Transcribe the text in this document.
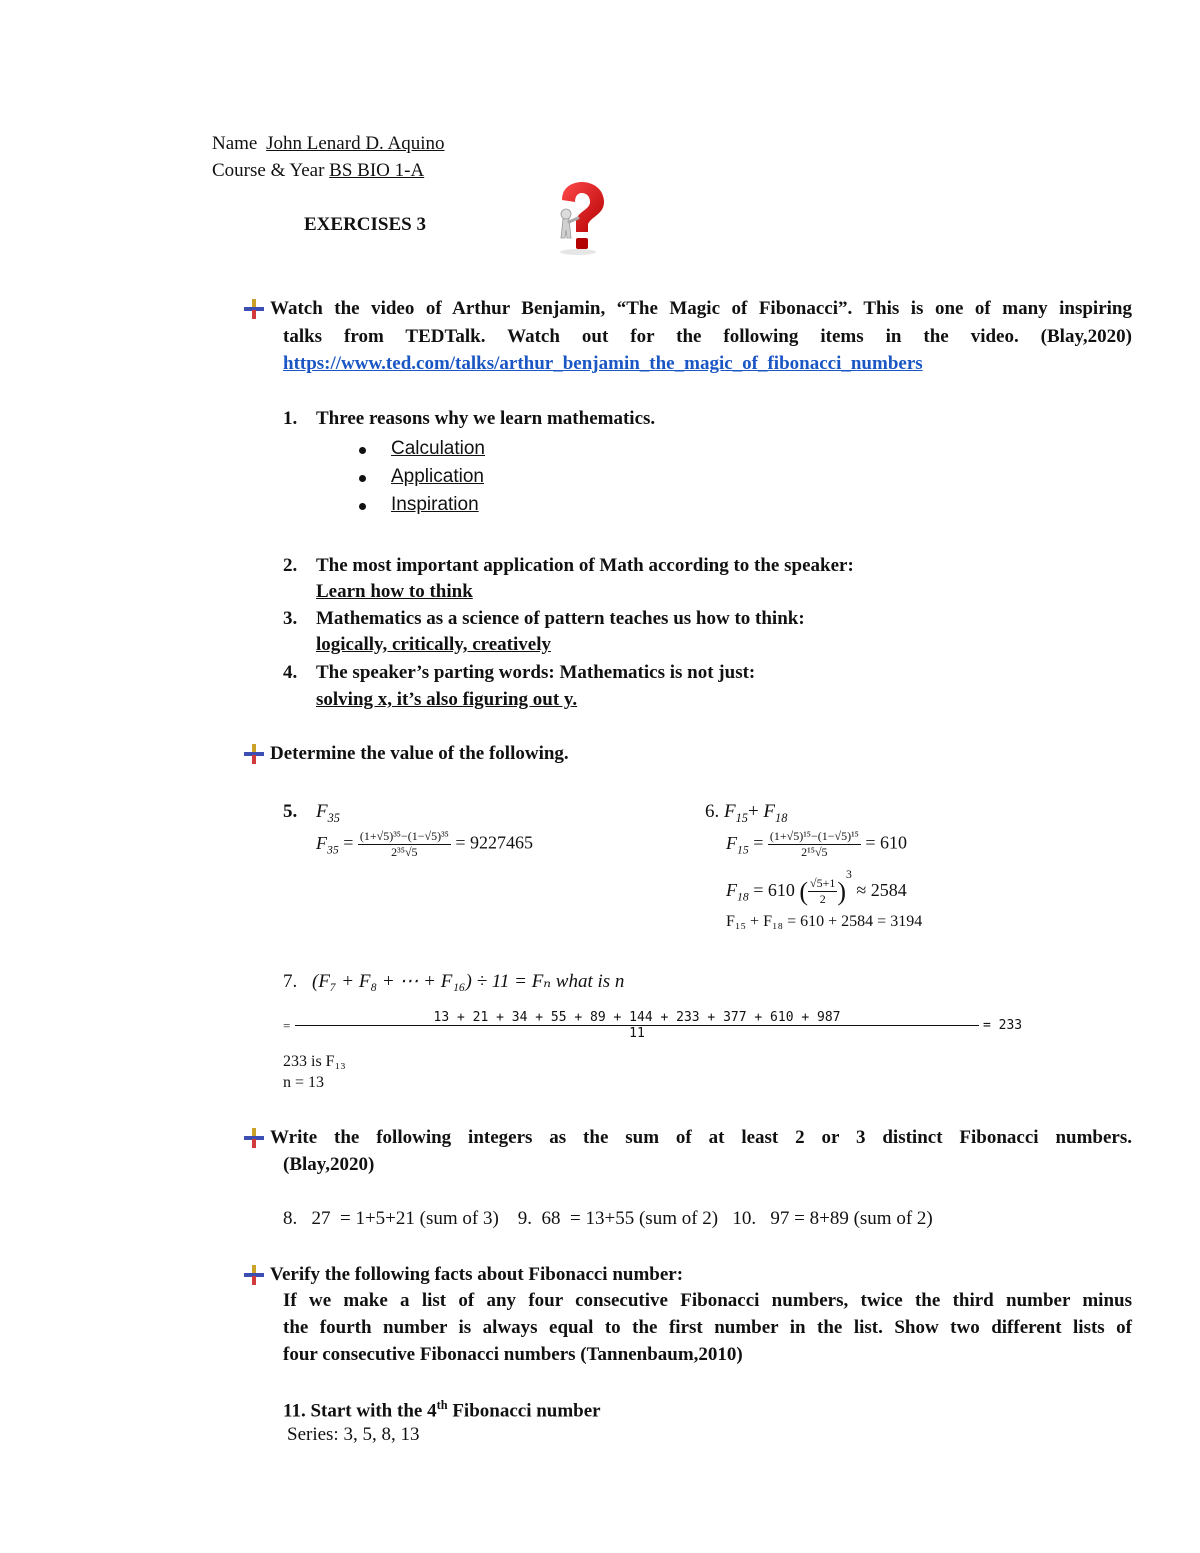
Name John Lenard D. Aquino
Course & Year BS BIO 1-A
EXERCISES 3
Watch the video of Arthur Benjamin, “The Magic of Fibonacci”. This is one of many inspiring
talks from TEDTalk. Watch out for the following items in the video. (Blay,2020)
https://www.ted.com/talks/arthur_benjamin_the_magic_of_fibonacci_numbers
1. Three reasons why we learn mathematics.
Calculation
Application
Inspiration
2. The most important application of Math according to the speaker:
Learn how to think
3. Mathematics as a science of pattern teaches us how to think:
logically, critically, creatively
4. The speaker’s parting words: Mathematics is not just:
solving x, it’s also figuring out y.
Determine the value of the following.
5. $F_{35}$
$F_{35} = \frac{\text{(1+√5)³⁵−(1−√5)³⁵}}{\text{2³⁵√5}} = 9227465$
6. $F_{15}+ F_{18}$
$F_{15} = \frac{\text{(1+√5)¹⁵−(1−√5)¹⁵}}{\text{2¹⁵√5}} = 610$
$F_{18} = 610$ ( $\frac{√5+1}{2} )^3 \approx 2584$
F₁₅ + F₁₈ = 610 + 2584 = 3194
7. (F₇ + F₈ + ⋯ + F₁₆) ÷ 11 = Fₙ what is n
= $\frac{13 + 21 + 34 + 55 + 89 + 144 + 233 + 377 + 610 + 987}{11} = 233$
233 is F₁₃
n = 13
Write the following integers as the sum of at least 2 or 3 distinct Fibonacci numbers.
(Blay,2020)
8.   27  = 1+5+21 (sum of 3)    9.  68  = 13+55 (sum of 2)   10.   97 = 8+89 (sum of 2)
Verify the following facts about Fibonacci number:
If we make a list of any four consecutive Fibonacci numbers, twice the third number minus
the fourth number is always equal to the first number in the list. Show two different lists of
four consecutive Fibonacci numbers (Tannenbaum,2010)
11. Start with the 4th Fibonacci number
Series: 3, 5, 8, 13
